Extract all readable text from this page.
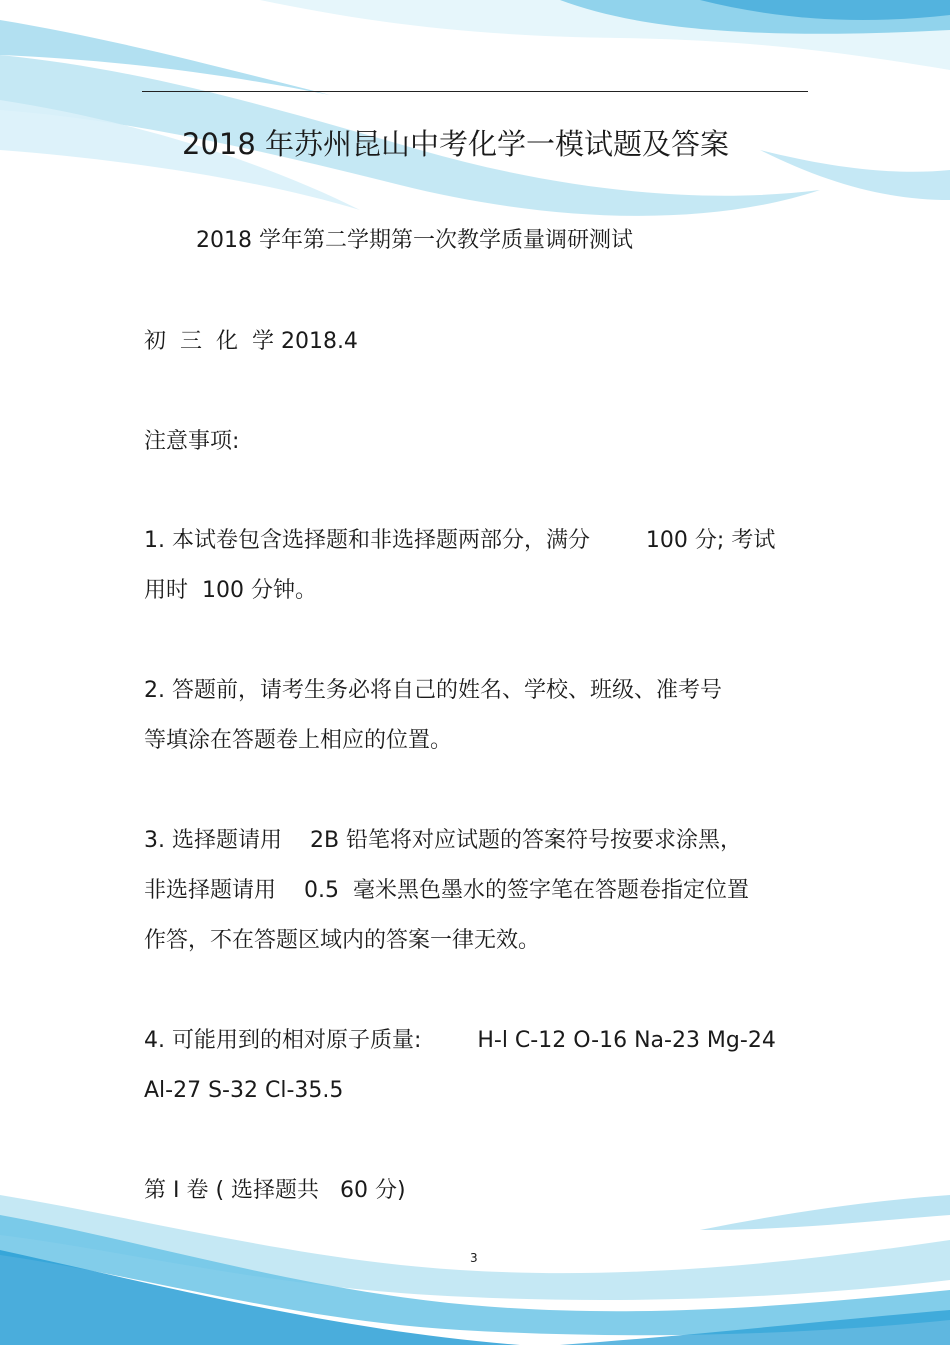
2018 年苏州昆山中考化学一模试题及答案
2018 学年第二学期第一次教学质量调研测试
初  三  化  学 2018.4
注意事项:
1. 本试卷包含选择题和非选择题两部分，满分        100 分; 考试
用时  100 分钟。
2. 答题前，请考生务必将自己的姓名、学校、班级、准考号
等填涂在答题卷上相应的位置。
3. 选择题请用    2B 铅笔将对应试题的答案符号按要求涂黑，
非选择题请用    0.5  毫米黑色墨水的签字笔在答题卷指定位置
作答，不在答题区域内的答案一律无效。
4. 可能用到的相对原子质量:        H-l C-12 O-16 Na-23 Mg-24
Al-27 S-32 Cl-35.5
第 I 卷 ( 选择题共   60 分)
3
